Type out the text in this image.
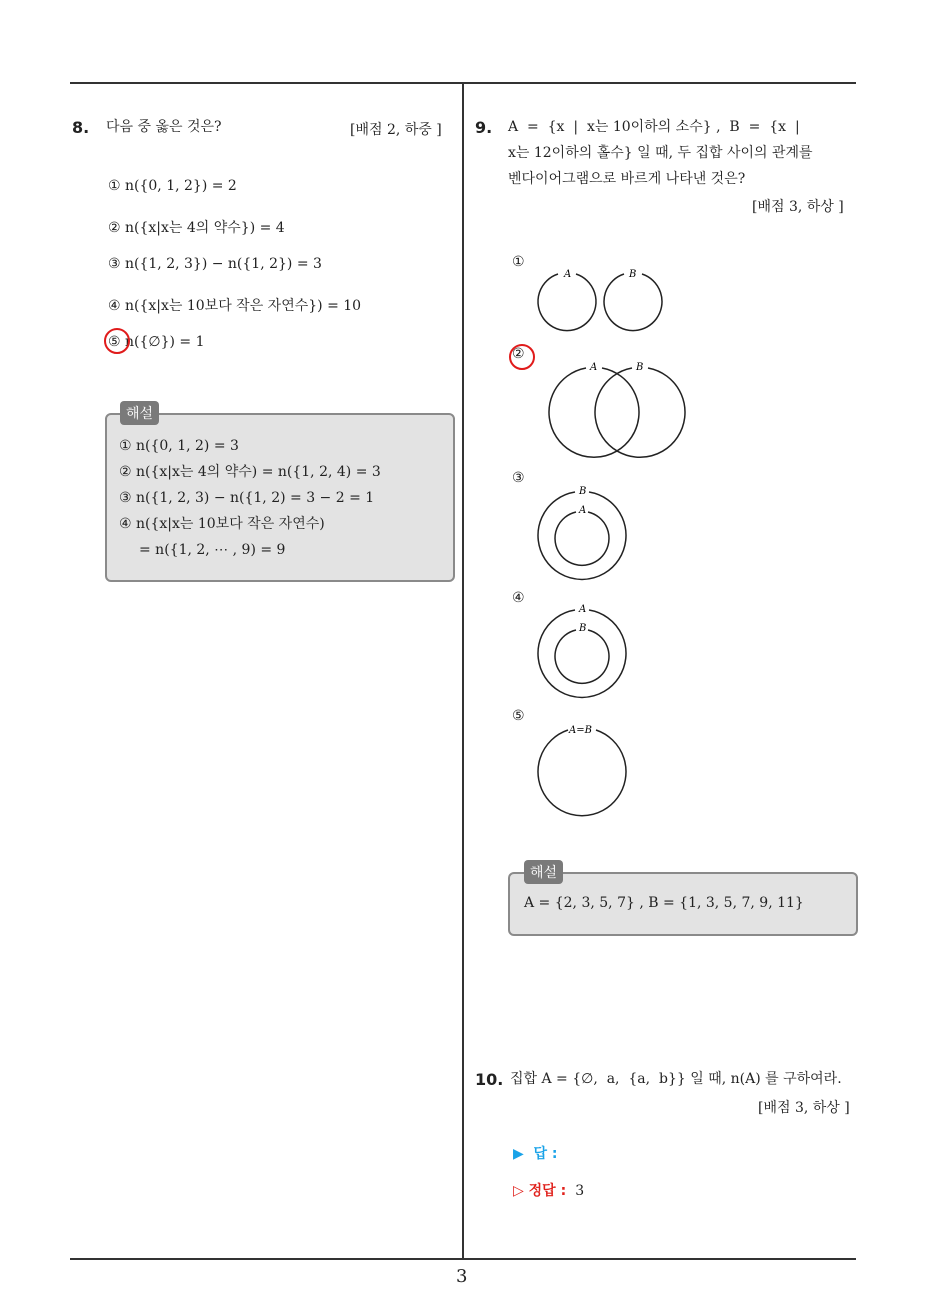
3
8. 다음 중 옳은 것은?	[배점 2, 하중 ]
① n({0, 1, 2}) = 2
② n({x|x는 4의 약수}) = 4
③ n({1, 2, 3}) − n({1, 2}) = 3
④ n({x|x는 10보다 작은 자연수}) = 10
⑤ n({∅}) = 1
① n({0, 1, 2) = 3
② n({x|x는 4의 약수) = n({1, 2, 4) = 3
③ n({1, 2, 3) − n({1, 2) = 3 − 2 = 1
④ n({x|x는 10보다 작은 자연수)
= n({1, 2, ⋯ , 9) = 9
해설
9. A  =  {x  |  x는 10이하의 소수} ,  B  =  {x  |
x는 12이하의 홀수} 일 때, 두 집합 사이의 관계를
벤다이어그램으로 바르게 나타낸 것은?
[배점 3, 하상 ]
①
②
③
④
⑤
A	B
A	B
B
A
A
B
A=B
A = {2, 3, 5, 7} , B = {1, 3, 5, 7, 9, 11}
해설
10. 집합 A = {∅,  a,  {a,  b}} 일 때, n(A) 를 구하여라.
[배점 3, 하상 ]
▶  답 :
▷ 정답 : 3
